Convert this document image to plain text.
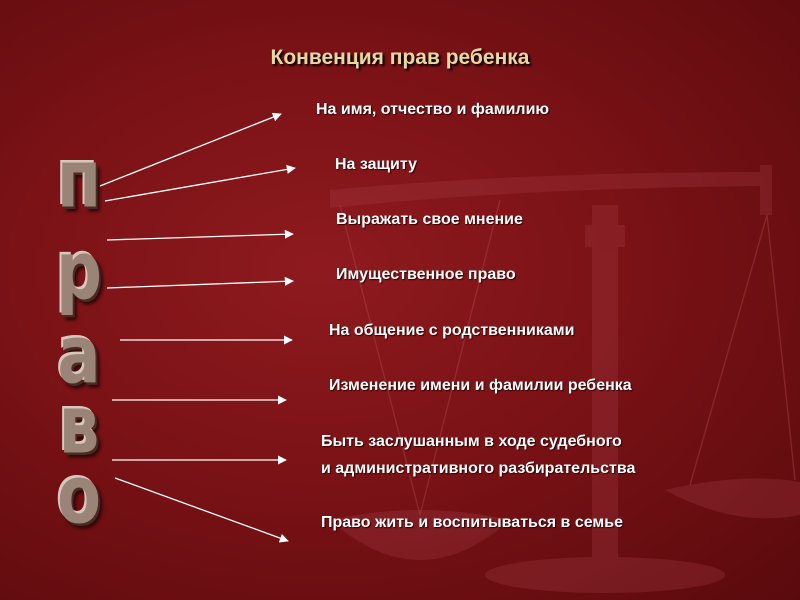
Конвенция прав ребенка
п
р
а
в
о
На имя, отчество и фамилию
На защиту
Выражать свое мнение
Имущественное право
На общение с родственниками
Изменение имени и фамилии ребенка
Быть заслушанным в ходе судебного
и административного разбирательства
Право жить и воспитываться в семье
